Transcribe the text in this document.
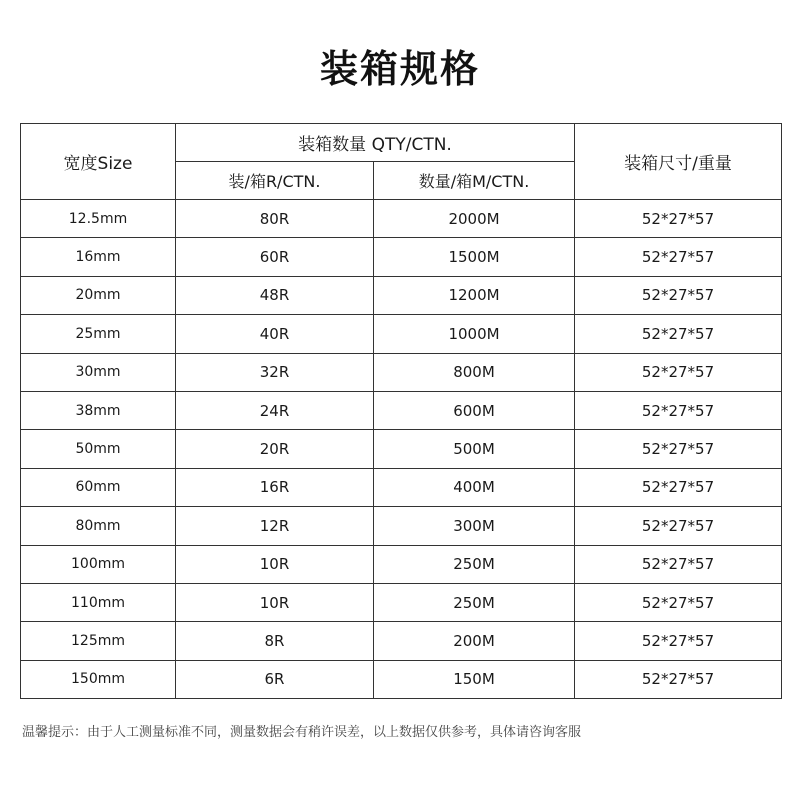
装箱规格
宽度Size	装箱数量 QTY/CTN.		装箱尺寸/重量
	装/箱R/CTN.	数量/箱M/CTN.	
12.5mm	80R	2000M	52*27*57
16mm	60R	1500M	52*27*57
20mm	48R	1200M	52*27*57
25mm	40R	1000M	52*27*57
30mm	32R	800M	52*27*57
38mm	24R	600M	52*27*57
50mm	20R	500M	52*27*57
60mm	16R	400M	52*27*57
80mm	12R	300M	52*27*57
100mm	10R	250M	52*27*57
110mm	10R	250M	52*27*57
125mm	8R	200M	52*27*57
150mm	6R	150M	52*27*57
温馨提示：由于人工测量标准不同，测量数据会有稍许误差，以上数据仅供参考，具体请咨询客服
